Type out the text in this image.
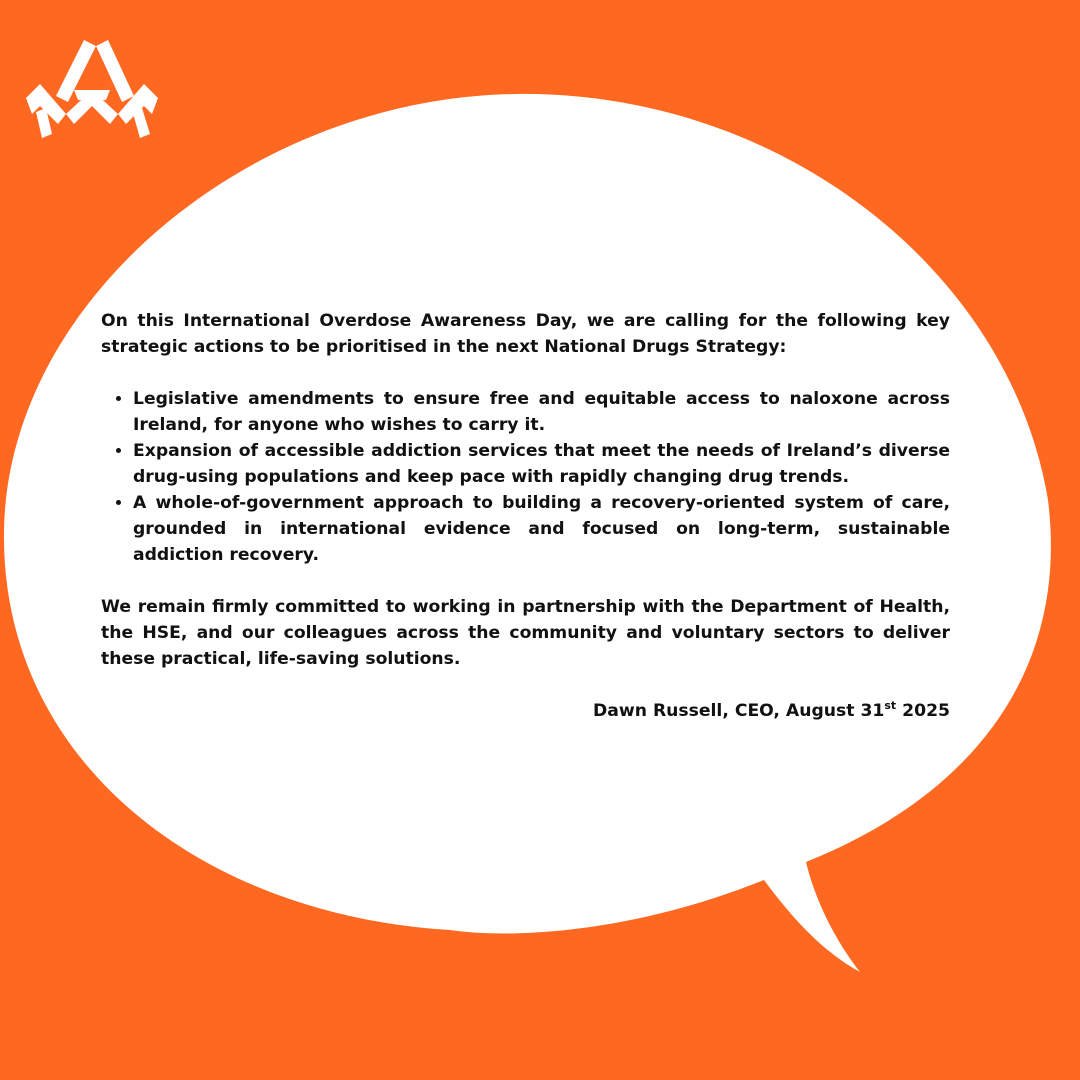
On this International Overdose Awareness Day, we are calling for the following key strategic actions to be prioritised in the next National Drugs Strategy:

• Legislative amendments to ensure free and equitable access to naloxone across Ireland, for anyone who wishes to carry it.
• Expansion of accessible addiction services that meet the needs of Ireland’s diverse drug-using populations and keep pace with rapidly changing drug trends.
• A whole-of-government approach to building a recovery-oriented system of care, grounded in international evidence and focused on long-term, sustainable addiction recovery.

We remain firmly committed to working in partnership with the Department of Health, the HSE, and our colleagues across the community and voluntary sectors to deliver these practical, life-saving solutions.

Dawn Russell, CEO, August 31st 2025
